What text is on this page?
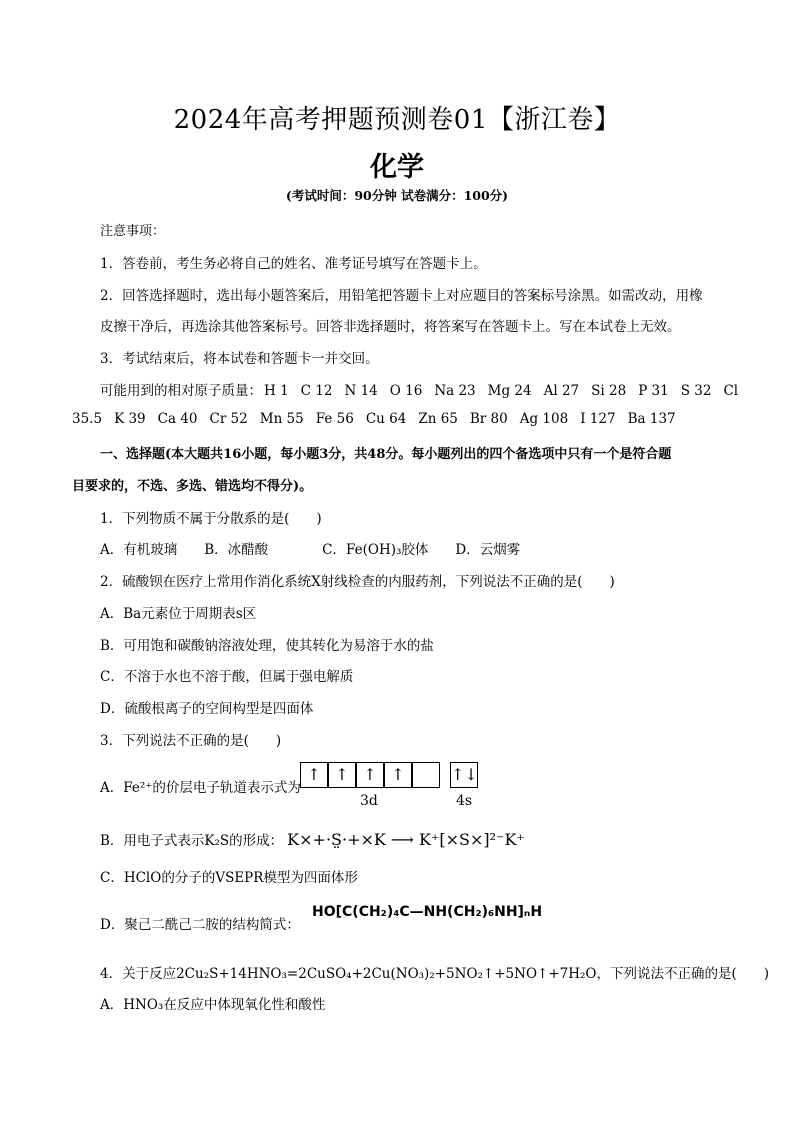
2024年高考押题预测卷01【浙江卷】
化学
(考试时间：90分钟 试卷满分：100分)
注意事项：
1．答卷前，考生务必将自己的姓名、准考证号填写在答题卡上。
2．回答选择题时，选出每小题答案后，用铅笔把答题卡上对应题目的答案标号涂黑。如需改动，用橡
皮擦干净后，再选涂其他答案标号。回答非选择题时，将答案写在答题卡上。写在本试卷上无效。
3．考试结束后，将本试卷和答题卡一并交回。
可能用到的相对原子质量： H 1 C 12 N 14 O 16 Na 23 Mg 24 Al 27 Si 28 P 31 S 32 Cl
35.5 K 39 Ca 40 Cr 52 Mn 55 Fe 56 Cu 64 Zn 65 Br 80 Ag 108 I 127 Ba 137
一、选择题(本大题共16小题，每小题3分，共48分。每小题列出的四个备选项中只有一个是符合题
目要求的，不选、多选、错选均不得分)。
1．下列物质不属于分散系的是(　　)
A．有机玻璃　　B．冰醋酸　　　　C．Fe(OH)₃胶体　　D．云烟雾
2．硫酸钡在医疗上常用作消化系统X射线检查的内服药剂，下列说法不正确的是(　　)
A．Ba元素位于周期表s区
B．可用饱和碳酸钠溶液处理，使其转化为易溶于水的盐
C．不溶于水也不溶于酸，但属于强电解质
D．硫酸根离子的空间构型是四面体
3．下列说法不正确的是(　　)
A．Fe²⁺的价层电子轨道表示式为
↑ ↑ ↑ ↑	↑↓
3d	4s
B．用电子式表示K₂S的形成： K×+·S̤·+×K ⟶ K⁺[×S×]²⁻K⁺
C．HClO的分子的VSEPR模型为四面体形
D．聚己二酰己二胺的结构简式：
HO[C(CH₂)₄C—NH(CH₂)₆NH]ₙH
4．关于反应2Cu₂S+14HNO₃=2CuSO₄+2Cu(NO₃)₂+5NO₂↑+5NO↑+7H₂O，下列说法不正确的是(　　)
A．HNO₃在反应中体现氧化性和酸性
